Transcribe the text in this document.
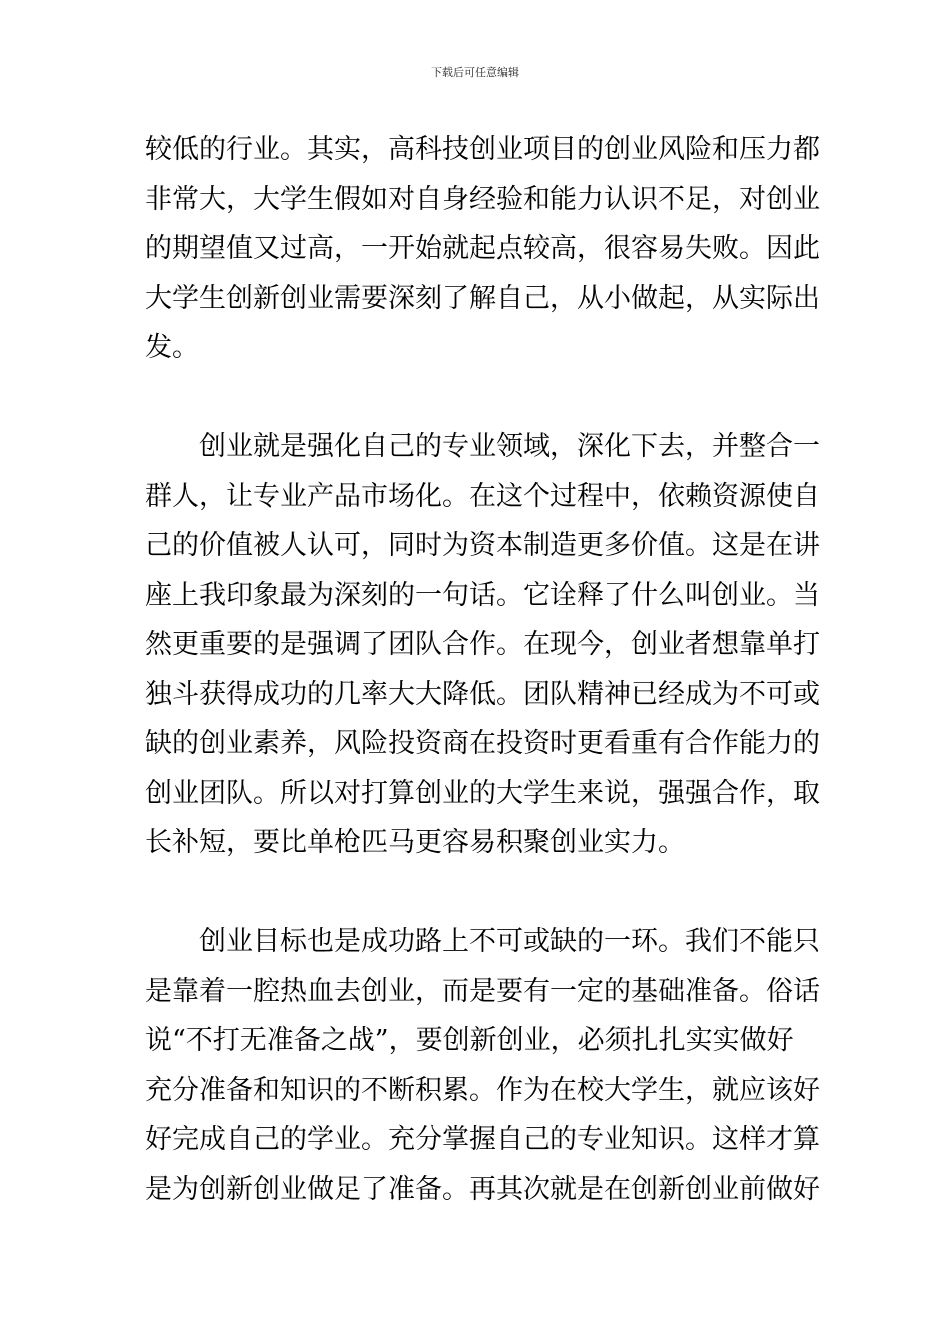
下载后可任意编辑

较低的行业。其实，高科技创业项目的创业风险和压力都
非常大，大学生假如对自身经验和能力认识不足，对创业
的期望值又过高，一开始就起点较高，很容易失败。因此
大学生创新创业需要深刻了解自己，从小做起，从实际出
发。

　　创业就是强化自己的专业领域，深化下去，并整合一
群人，让专业产品市场化。在这个过程中，依赖资源使自
己的价值被人认可，同时为资本制造更多价值。这是在讲
座上我印象最为深刻的一句话。它诠释了什么叫创业。当
然更重要的是强调了团队合作。在现今，创业者想靠单打
独斗获得成功的几率大大降低。团队精神已经成为不可或
缺的创业素养，风险投资商在投资时更看重有合作能力的
创业团队。所以对打算创业的大学生来说，强强合作，取
长补短，要比单枪匹马更容易积聚创业实力。

　　创业目标也是成功路上不可或缺的一环。我们不能只
是靠着一腔热血去创业，而是要有一定的基础准备。俗话
说“不打无准备之战”，要创新创业，必须扎扎实实做好
充分准备和知识的不断积累。作为在校大学生，就应该好
好完成自己的学业。充分掌握自己的专业知识。这样才算
是为创新创业做足了准备。再其次就是在创新创业前做好
